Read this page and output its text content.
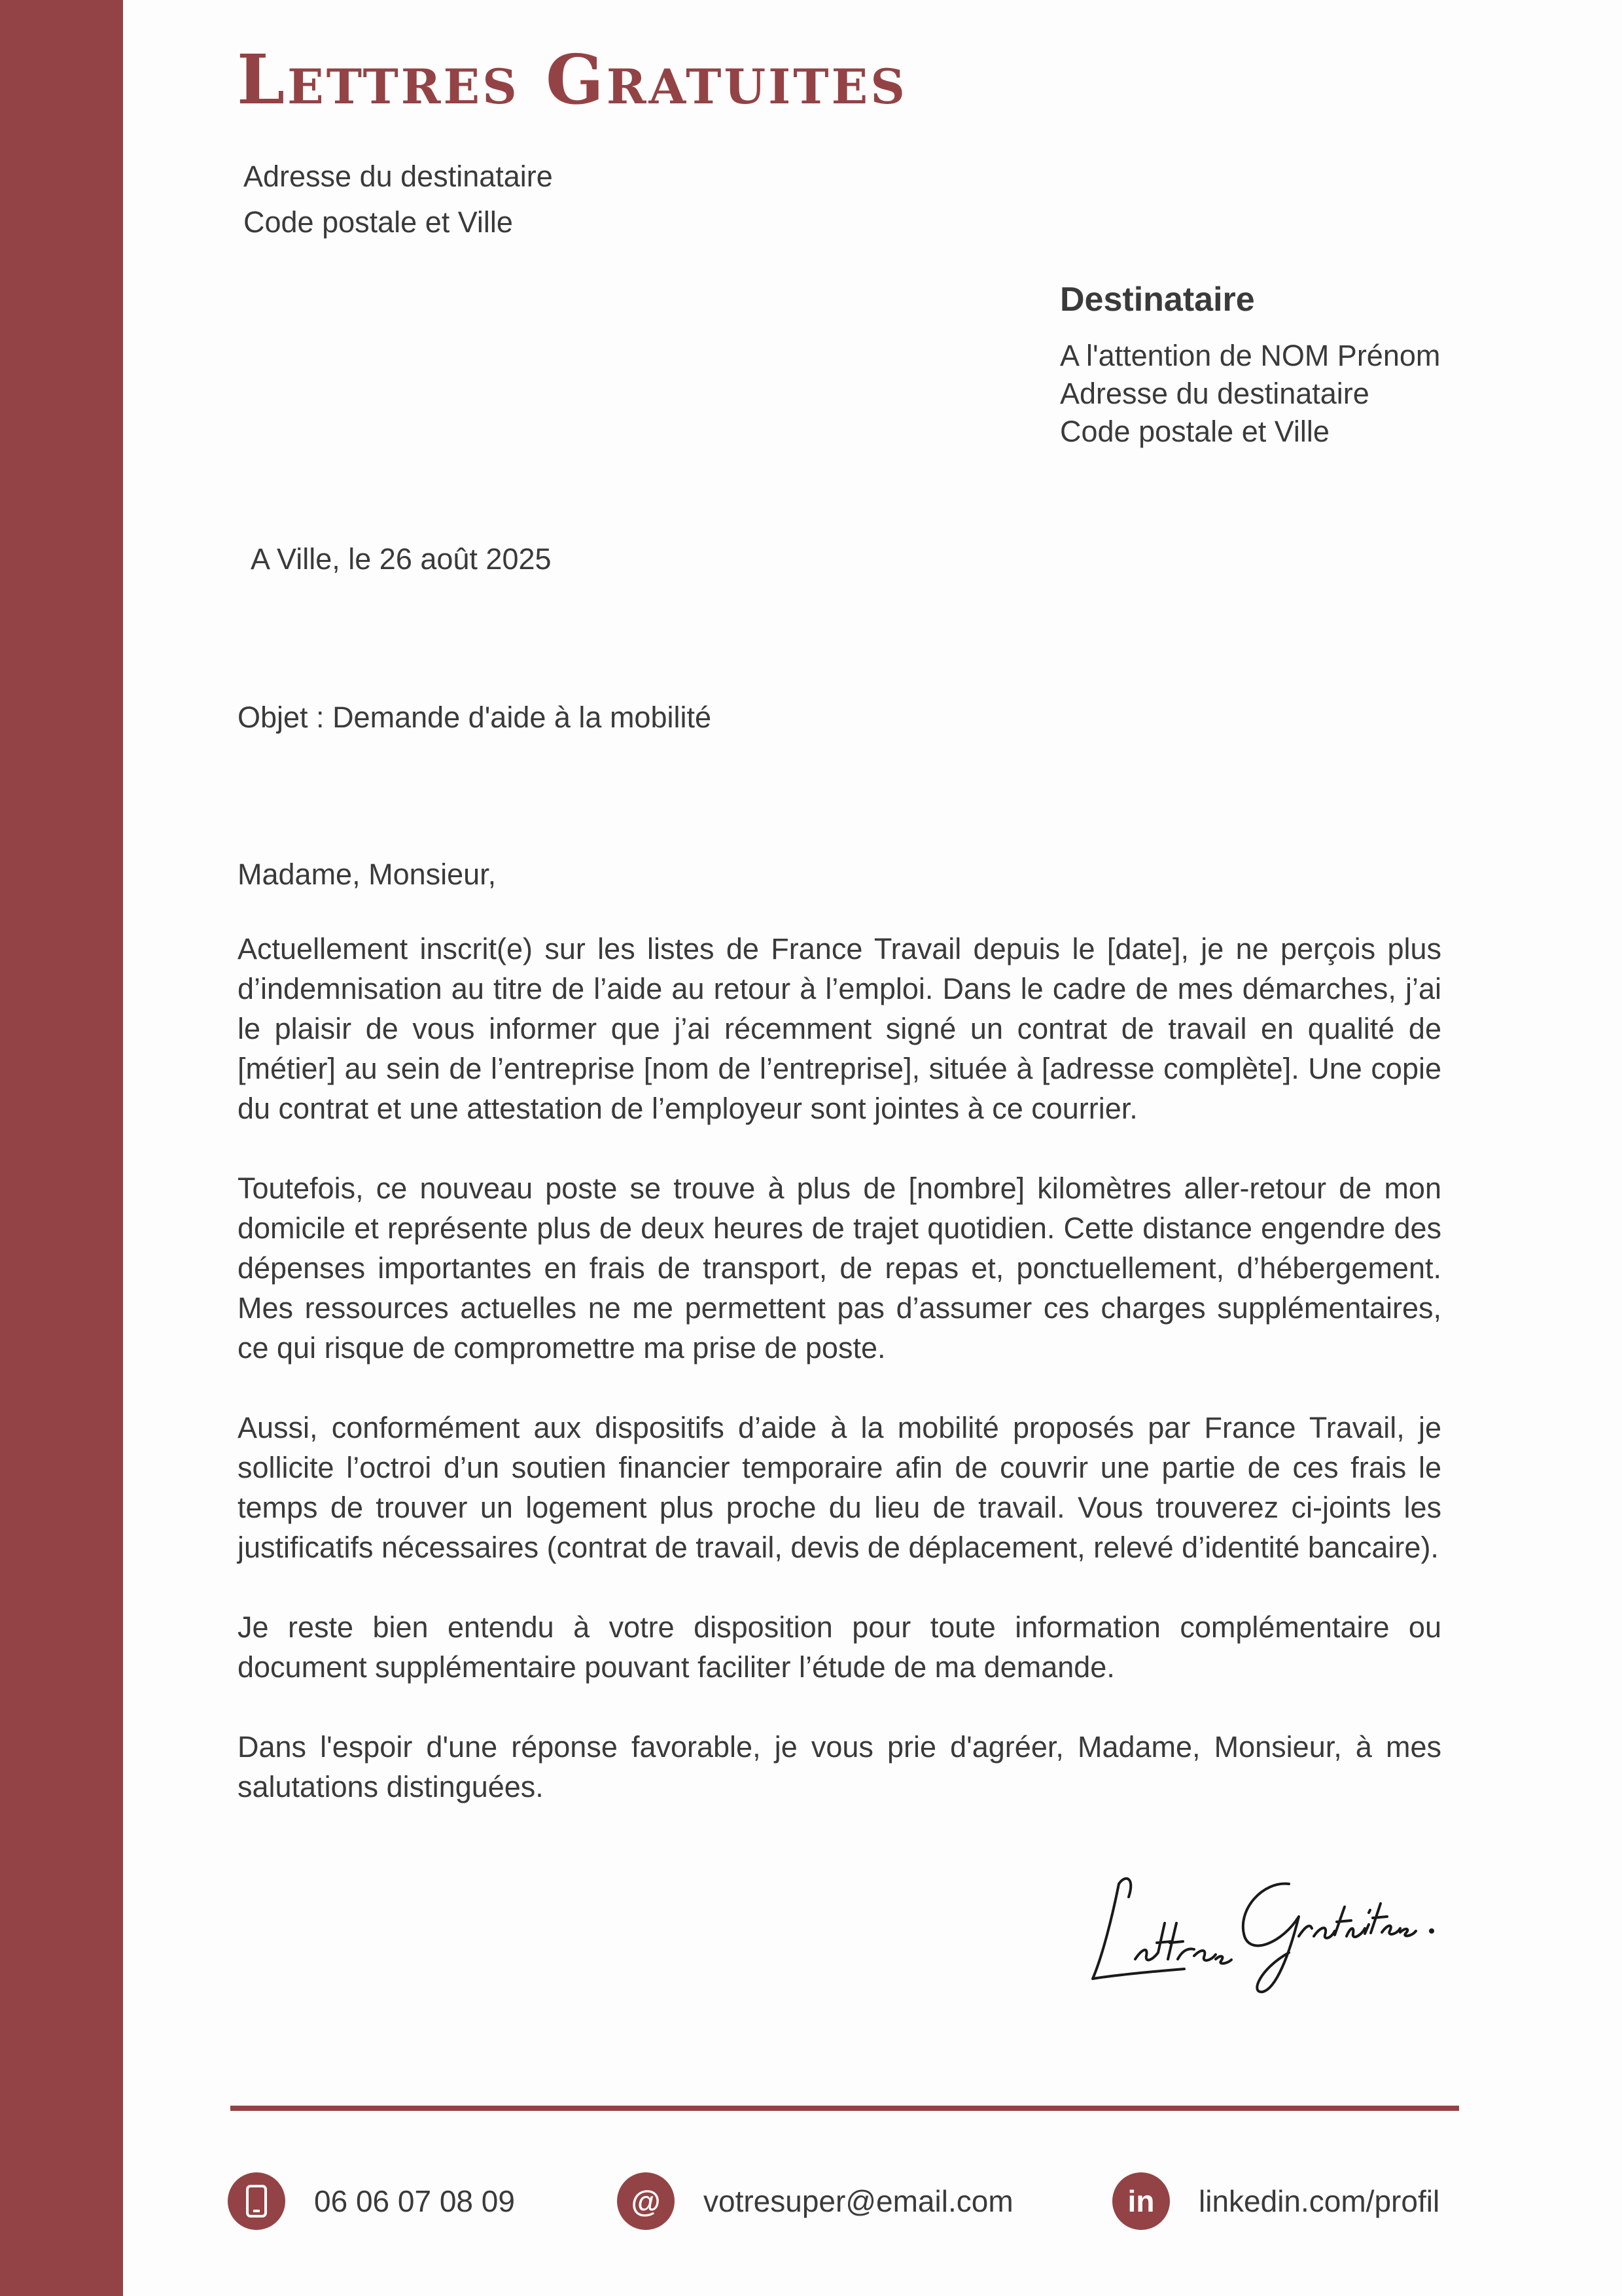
Lettres Gratuites
Adresse du destinataire
Code postale et Ville
Destinataire
A l'attention de NOM Prénom
Adresse du destinataire
Code postale et Ville
A Ville, le 26 août 2025
Objet : Demande d'aide à la mobilité
Madame, Monsieur,

Actuellement inscrit(e) sur les listes de France Travail depuis le [date], je ne perçois plus d’indemnisation au titre de l’aide au retour à l’emploi. Dans le cadre de mes démarches, j’ai le plaisir de vous informer que j’ai récemment signé un contrat de travail en qualité de [métier] au sein de l’entreprise [nom de l’entreprise], située à [adresse complète]. Une copie du contrat et une attestation de l’employeur sont jointes à ce courrier.

Toutefois, ce nouveau poste se trouve à plus de [nombre] kilomètres aller-retour de mon domicile et représente plus de deux heures de trajet quotidien. Cette distance engendre des dépenses importantes en frais de transport, de repas et, ponctuellement, d’hébergement. Mes ressources actuelles ne me permettent pas d’assumer ces charges supplémentaires, ce qui risque de compromettre ma prise de poste.

Aussi, conformément aux dispositifs d’aide à la mobilité proposés par France Travail, je sollicite l’octroi d’un soutien financier temporaire afin de couvrir une partie de ces frais le temps de trouver un logement plus proche du lieu de travail. Vous trouverez ci-joints les justificatifs nécessaires (contrat de travail, devis de déplacement, relevé d’identité bancaire).

Je reste bien entendu à votre disposition pour toute information complémentaire ou document supplémentaire pouvant faciliter l’étude de ma demande.

Dans l'espoir d'une réponse favorable, je vous prie d'agréer, Madame, Monsieur, à mes salutations distinguées.

06 06 07 08 09	@	votresuper@email.com	in	linkedin.com/profil
